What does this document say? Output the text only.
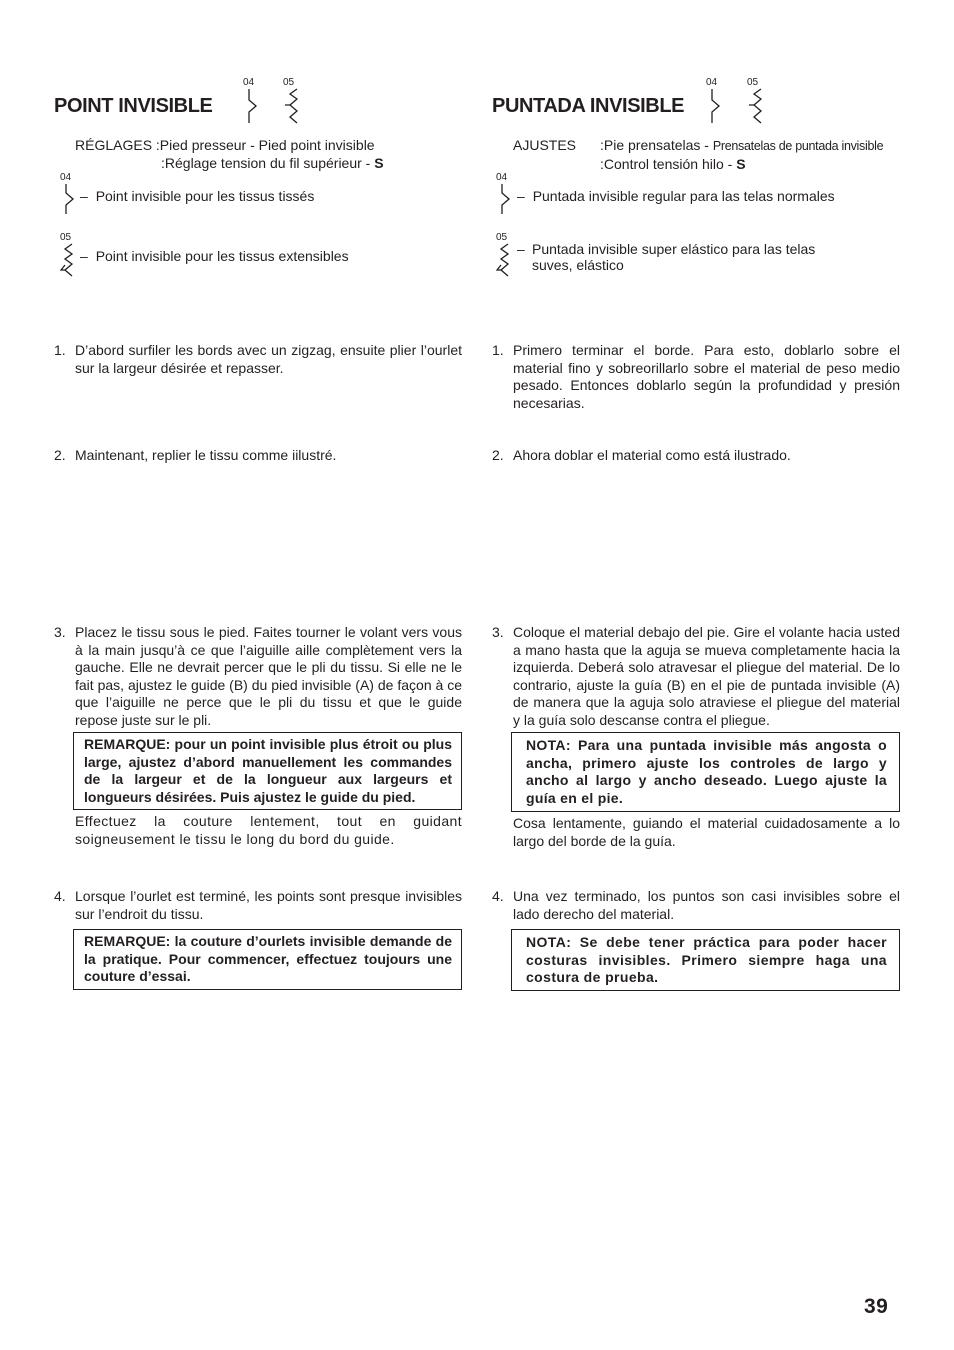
POINT INVISIBLE
04	05
RÉGLAGES :Pied presseur - Pied point invisible
:Réglage tension du fil supérieur - S
04
– Point invisible pour les tissus tissés
05
– Point invisible pour les tissus extensibles
1. D’abord surfiler les bords avec un zigzag, ensuite plier l’ourlet sur la largeur désirée et repasser.
2. Maintenant, replier le tissu comme iilustré.
3. Placez le tissu sous le pied. Faites tourner le volant vers vous à la main jusqu’à ce que l’aiguille aille complètement vers la gauche. Elle ne devrait percer que le pli du tissu. Si elle ne le fait pas, ajustez le guide (B) du pied invisible (A) de façon à ce que l’aiguille ne perce que le pli du tissu et que le guide repose juste sur le pli.
REMARQUE: pour un point invisible plus étroit ou plus large, ajustez d’abord manuellement les commandes de la largeur et de la longueur aux largeurs et longueurs désirées. Puis ajustez le guide du pied.
Effectuez la couture lentement, tout en guidant soigneusement le tissu le long du bord du guide.
4. Lorsque l’ourlet est terminé, les points sont presque invisibles sur l’endroit du tissu.
REMARQUE: la couture d’ourlets invisible demande de la pratique. Pour commencer, effectuez toujours une couture d’essai.
PUNTADA INVISIBLE
04	05
AJUSTES :Pie prensatelas - Prensatelas de puntada invisible
:Control tensión hilo - S
04
– Puntada invisible regular para las telas normales
05
– Puntada invisible super elástico para las telas suves, elástico
1. Primero terminar el borde. Para esto, doblarlo sobre el material fino y sobreorillarlo sobre el material de peso medio pesado. Entonces doblarlo según la profundidad y presión necesarias.
2. Ahora doblar el material como está ilustrado.
3. Coloque el material debajo del pie. Gire el volante hacia usted a mano hasta que la aguja se mueva completamente hacia la izquierda. Deberá solo atravesar el pliegue del material. De lo contrario, ajuste la guía (B) en el pie de puntada invisible (A) de manera que la aguja solo atraviese el pliegue del material y la guía solo descanse contra el pliegue.
NOTA: Para una puntada invisible más angosta o ancha, primero ajuste los controles de largo y ancho al largo y ancho deseado. Luego ajuste la guía en el pie.
Cosa lentamente, guiando el material cuidadosamente a lo largo del borde de la guía.
4. Una vez terminado, los puntos son casi invisibles sobre el lado derecho del material.
NOTA: Se debe tener práctica para poder hacer costuras invisibles. Primero siempre haga una costura de prueba.
39
